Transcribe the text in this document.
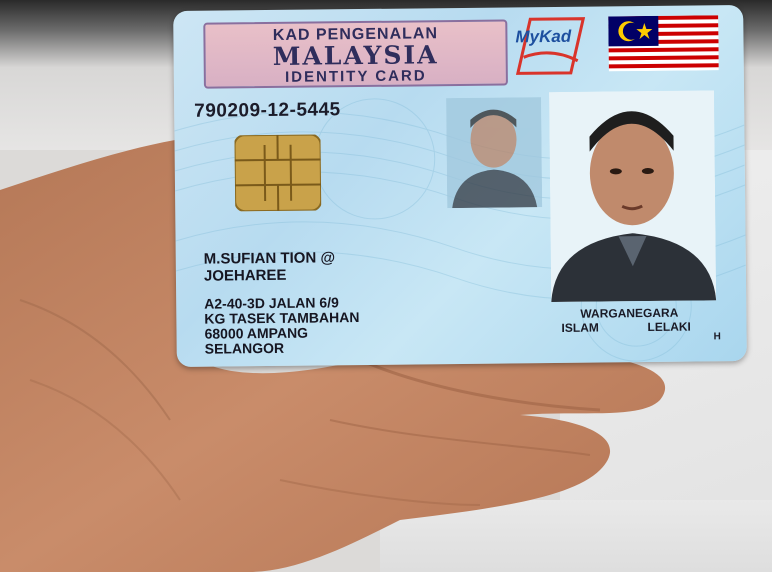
KAD PENGENALAN
MALAYSIA
IDENTITY CARD
MyKad
790209-12-5445
M.SUFIAN TION @
JOEHAREE
A2-40-3D JALAN 6/9
KG TASEK TAMBAHAN
68000 AMPANG
SELANGOR
WARGANEGARA
ISLAM	LELAKI
H
